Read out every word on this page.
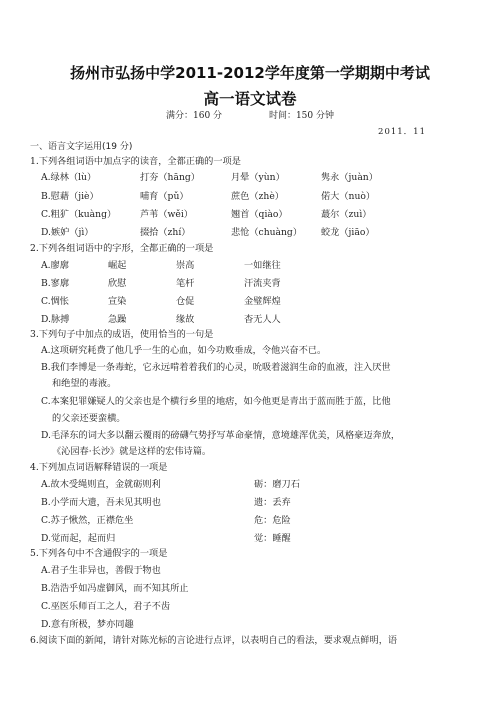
扬州市弘扬中学2011-2012学年度第一学期期中考试
高一语文试卷
满分：160 分	时间：150 分钟
2011．11
一、语言文字运用(19 分)
1.下列各组词语中加点字的读音，全都正确的一项是
A.绿林（lù）	打夯（hāng）	月晕（yùn）	隽永（juàn）
B.慰藉（jiè）	哺育（pǔ）	蔗色（zhè）	偌大（nuò）
C.粗犷（kuàng）	芦苇（wěi）	翘首（qiào）	蕞尔（zuì）
D.嫉妒（jì）	掇拾（zhí）	悲怆（chuàng） 蛟龙（jiāo）
2.下列各组词语中的字形，全都正确的一项是
A.廖廓	崛起	崇高	一如继往
B.寥廓	欣慰	笔杆	汗流夹背
C.惆怅	宣染	仓促	金璧辉煌
D.脉搏	急躁	缘故	杳无人人
3.下列句子中加点的成语，使用恰当的一句是
A.这项研究耗费了他几乎一生的心血，如今功败垂成，令他兴奋不已。
B.我们李博是一条毒蛇，它永远啃着着我们的心灵，吮吸着滋润生命的血液，注入厌世
和绝望的毒液。
C.本案犯罪嫌疑人的父亲也是个横行乡里的地痞，如今他更是青出于蓝而胜于蓝，比他
的父亲还要蛮横。
D.毛泽东的词大多以翻云覆雨的磅礴气势抒写革命豪情，意境雄浑优美，风格豪迈奔放，
《沁园春·长沙》就是这样的宏伟诗篇。
4.下列加点词语解释错误的一项是
A.故木受绳则直，金就砺则利	砺：磨刀石
B.小学而大遗，吾未见其明也	遗：丢弃
C.苏子愀然，正襟危坐	危：危险
D.觉而起，起而归	觉：睡醒
5.下列各句中不含通假字的一项是
A.君子生非异也，善假于物也
B.浩浩乎如冯虚御风，而不知其所止
C.巫医乐师百工之人，君子不齿
D.意有所极，梦亦同趣
6.阅读下面的新闻，请针对陈光标的言论进行点评，以表明自己的看法，要求观点鲜明，语
